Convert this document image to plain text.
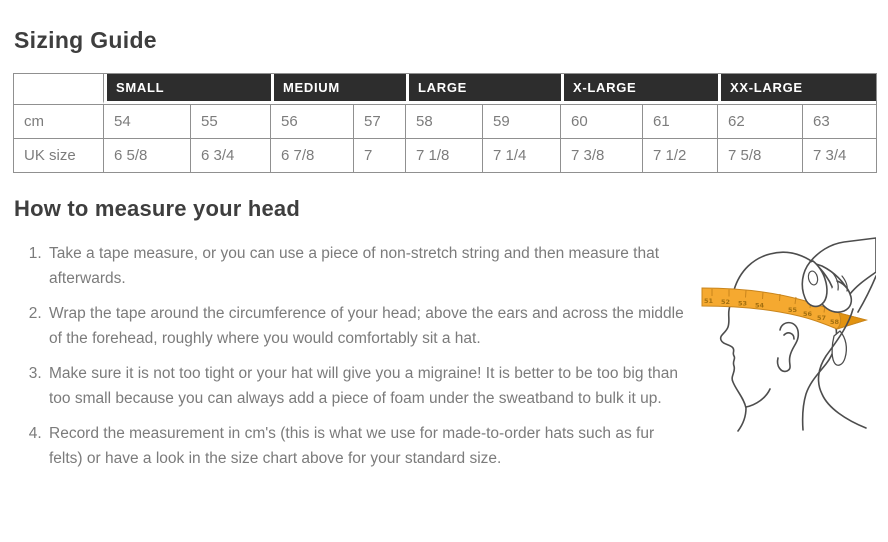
Sizing Guide
	SMALL		MEDIUM		LARGE		X-LARGE		XX-LARGE	
cm	54	55	56	57	58	59	60	61	62	63
UK size	6 5/8	6 3/4	6 7/8	7	7 1/8	7 1/4	7 3/8	7 1/2	7 5/8	7 3/4
How to measure your head
51 52 53 54
55 56 57 58
1. Take a tape measure, or you can use a piece of non-stretch string and then measure that afterwards.
2. Wrap the tape around the circumference of your head; above the ears and across the middle of the forehead, roughly where you would comfortably sit a hat.
3. Make sure it is not too tight or your hat will give you a migraine! It is better to be too big than too small because you can always add a piece of foam under the sweatband to bulk it up.
4. Record the measurement in cm's (this is what we use for made-to-order hats such as fur felts) or have a look in the size chart above for your standard size.
